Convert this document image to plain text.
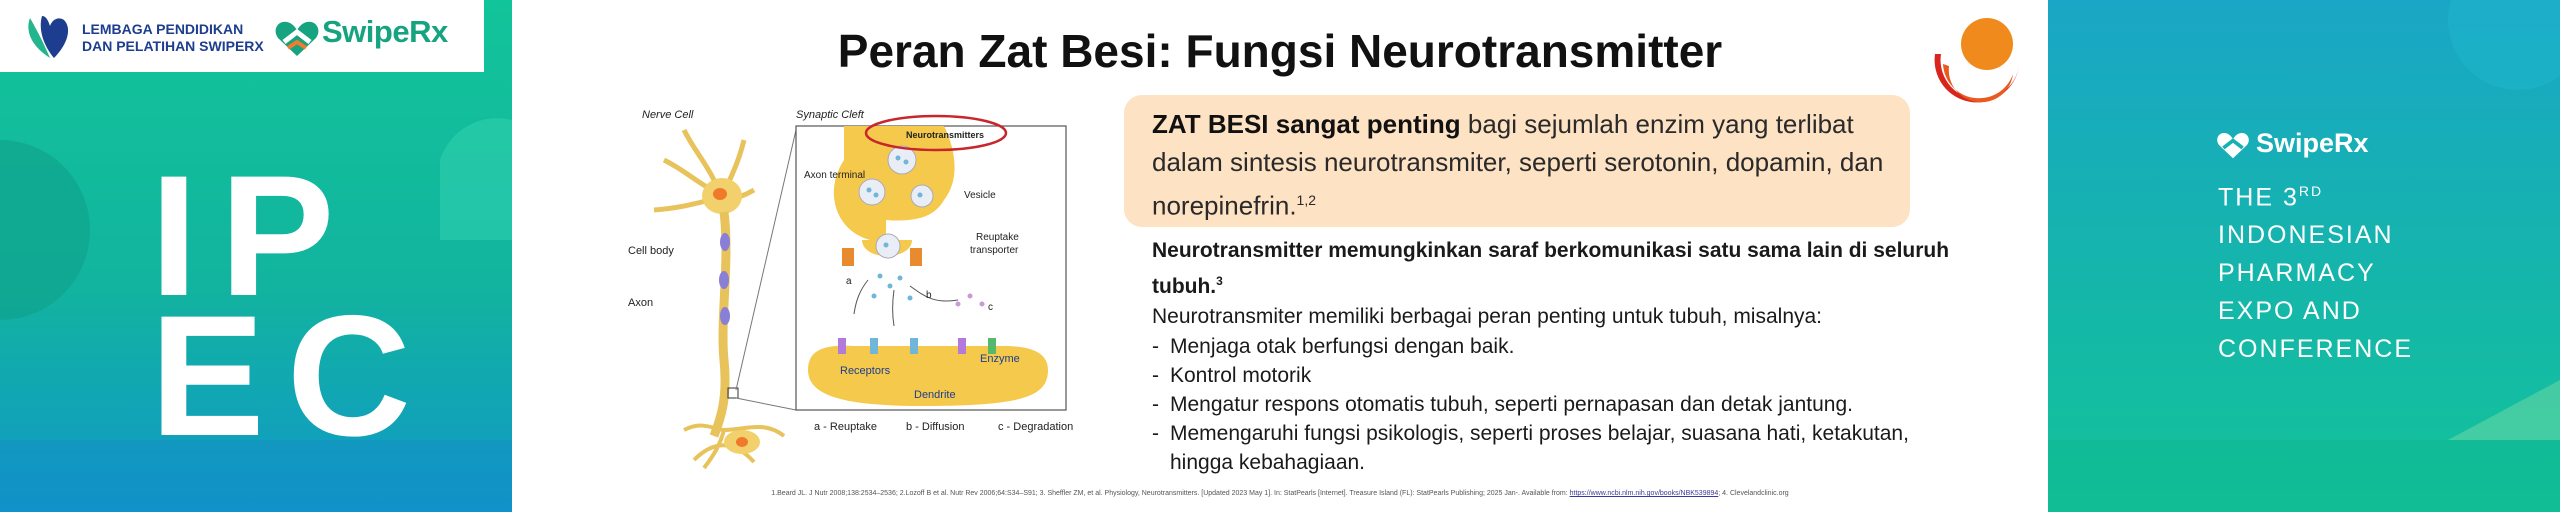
LEMBAGA PENDIDIKAN
DAN PELATIHAN SWIPERX SwipeRx
IP
EC
Peran Zat Besi: Fungsi Neurotransmitter
Nerve Cell	Synaptic Cleft
Cell body
Axon
Neurotransmitters
Axon terminal
Vesicle
Reuptake
transporter
a
b
c
Receptors
Enzyme
Dendrite
a - Reuptake	b - Diffusion	c - Degradation
ZAT BESI sangat penting bagi sejumlah enzim yang terlibat dalam sintesis neurotransmiter, seperti serotonin, dopamin, dan norepinefrin.$^{1,2}$
Neurotransmitter memungkinkan saraf berkomunikasi satu sama lain di seluruh tubuh.$^3$
Neurotransmiter memiliki berbagai peran penting untuk tubuh, misalnya:
- Menjaga otak berfungsi dengan baik.
- Kontrol motorik
- Mengatur respons otomatis tubuh, seperti pernapasan dan detak jantung.
- Memengaruhi fungsi psikologis, seperti proses belajar, suasana hati, ketakutan, hingga kebahagiaan.
1.Beard JL. J Nutr 2008;138:2534–2536; 2.Lozoff B et al. Nutr Rev 2006;64:S34–S91; 3. Sheffler ZM, et al. Physiology, Neurotransmitters. [Updated 2023 May 1]. In: StatPearls [Internet]. Treasure Island (FL): StatPearls Publishing; 2025 Jan-. Available from: https://www.ncbi.nlm.nih.gov/books/NBK539894; 4. Clevelandclinic.org
SwipeRx
THE 3RD
INDONESIAN
PHARMACY
EXPO AND
CONFERENCE
